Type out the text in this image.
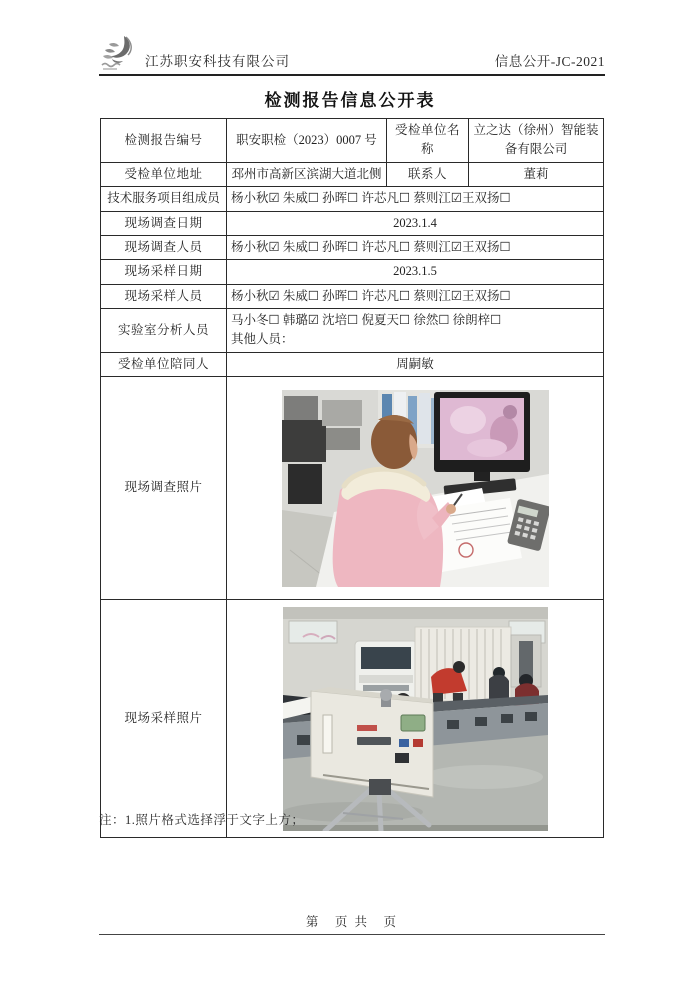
江苏职安科技有限公司	信息公开-JC-2021
检测报告信息公开表
检测报告编号	职安职检（2023）0007 号	受检单位名称	立之达（徐州）智能装备有限公司
受检单位地址	邳州市高新区滨湖大道北侧	联系人	董莉
技术服务项目组成员	杨小秋☑ 朱威☐ 孙晖☐ 许芯凡☐ 蔡则江☑王双扬☐		
现场调查日期	2023.1.4		
现场调查人员	杨小秋☑ 朱威☐ 孙晖☐ 许芯凡☐ 蔡则江☑王双扬☐		
现场采样日期	2023.1.5		
现场采样人员	杨小秋☑ 朱威☐ 孙晖☐ 许芯凡☐ 蔡则江☑王双扬☐		
实验室分析人员	马小冬☐ 韩璐☑ 沈培☐ 倪夏天☐ 徐然☐ 徐朗梓☐
其他人员：		

受检单位陪同人	周嗣敏		
现场调查照片	

现场采样照片	
注：1.照片格式选择浮于文字上方；
第　页 共　页
